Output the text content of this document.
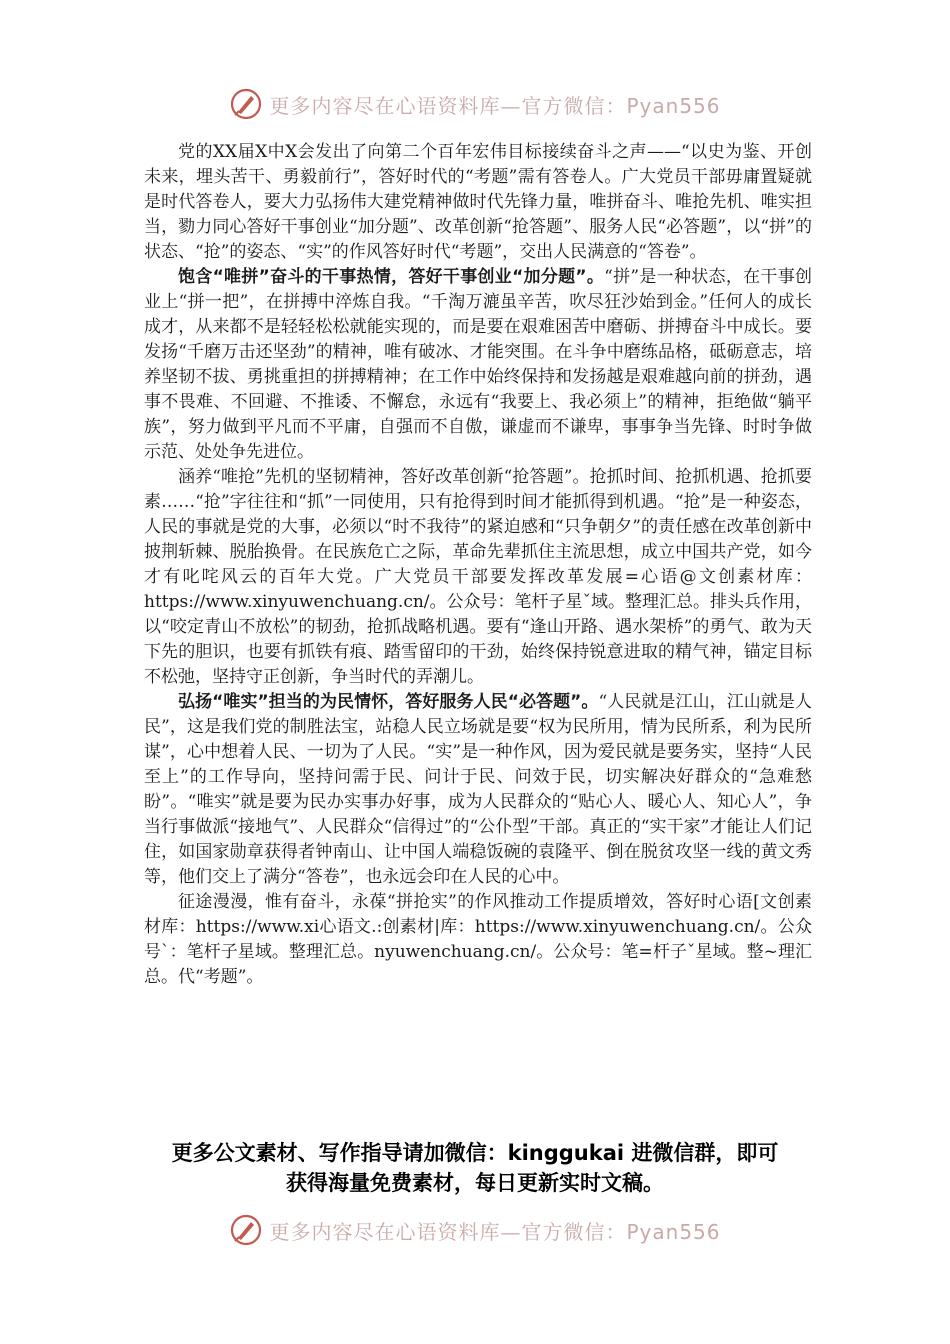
更多内容尽在心语资料库—官方微信：Pyan556

党的XX届X中X会发出了向第二个百年宏伟目标接续奋斗之声——“以史为鉴、开创未来，埋头苦干、勇毅前行”，答好时代的“考题”需有答卷人。广大党员干部毋庸置疑就是时代答卷人，要大力弘扬伟大建党精神做时代先锋力量，唯拼奋斗、唯抢先机、唯实担当，勠力同心答好干事创业“加分题”、改革创新“抢答题”、服务人民“必答题”，以“拼”的状态、“抢”的姿态、“实”的作风答好时代“考题”，交出人民满意的“答卷”。

饱含“唯拼”奋斗的干事热情，答好干事创业“加分题”。“拼”是一种状态，在干事创业上“拼一把”，在拼搏中淬炼自我。“千淘万漉虽辛苦，吹尽狂沙始到金。”任何人的成长成才，从来都不是轻轻松松就能实现的，而是要在艰难困苦中磨砺、拼搏奋斗中成长。要发扬“千磨万击还坚劲”的精神，唯有破冰、才能突围。在斗争中磨练品格，砥砺意志，培养坚韧不拔、勇挑重担的拼搏精神；在工作中始终保持和发扬越是艰难越向前的拼劲，遇事不畏难、不回避、不推诿、不懈怠，永远有“我要上、我必须上”的精神，拒绝做“躺平族”，努力做到平凡而不平庸，自强而不自傲，谦虚而不谦卑，事事争当先锋、时时争做示范、处处争先进位。

涵养“唯抢”先机的坚韧精神，答好改革创新“抢答题”。抢抓时间、抢抓机遇、抢抓要素……“抢”字往往和“抓”一同使用，只有抢得到时间才能抓得到机遇。“抢”是一种姿态，人民的事就是党的大事，必须以“时不我待”的紧迫感和“只争朝夕”的责任感在改革创新中披荆斩棘、脱胎换骨。在民族危亡之际，革命先辈抓住主流思想，成立中国共产党，如今才有叱咤风云的百年大党。广大党员干部要发挥改革发展=心语@文创素材库：https://www.xinyuwenchuang.cn/。公众号：笔杆子星ˇ域。整理汇总。排头兵作用，以“咬定青山不放松”的韧劲，抢抓战略机遇。要有“逢山开路、遇水架桥”的勇气、敢为天下先的胆识，也要有抓铁有痕、踏雪留印的干劲，始终保持锐意进取的精气神，锚定目标不松弛，坚持守正创新，争当时代的弄潮儿。

弘扬“唯实”担当的为民情怀，答好服务人民“必答题”。“人民就是江山，江山就是人民”，这是我们党的制胜法宝，站稳人民立场就是要“权为民所用，情为民所系，利为民所谋”，心中想着人民、一切为了人民。“实”是一种作风，因为爱民就是要务实，坚持“人民至上”的工作导向，坚持问需于民、问计于民、问效于民，切实解决好群众的“急难愁盼”。“唯实”就是要为民办实事办好事，成为人民群众的“贴心人、暖心人、知心人”，争当行事做派“接地气”、人民群众“信得过”的“公仆型”干部。真正的“实干家”才能让人们记住，如国家勋章获得者钟南山、让中国人端稳饭碗的袁隆平、倒在脱贫攻坚一线的黄文秀等，他们交上了满分“答卷”，也永远会印在人民的心中。

征途漫漫，惟有奋斗，永葆“拼抢实”的作风推动工作提质增效，答好时心语[文创素材库：https://www.xi心语文.:创素材|库：https://www.xinyuwenchuang.cn/。公众号`：笔杆子星域。整理汇总。nyuwenchuang.cn/。公众号：笔=杆子ˇ星域。整~理汇总。代“考题”。

更多公文素材、写作指导请加微信：kinggukai 进微信群，即可
获得海量免费素材，每日更新实时文稿。
更多内容尽在心语资料库—官方微信：Pyan556
